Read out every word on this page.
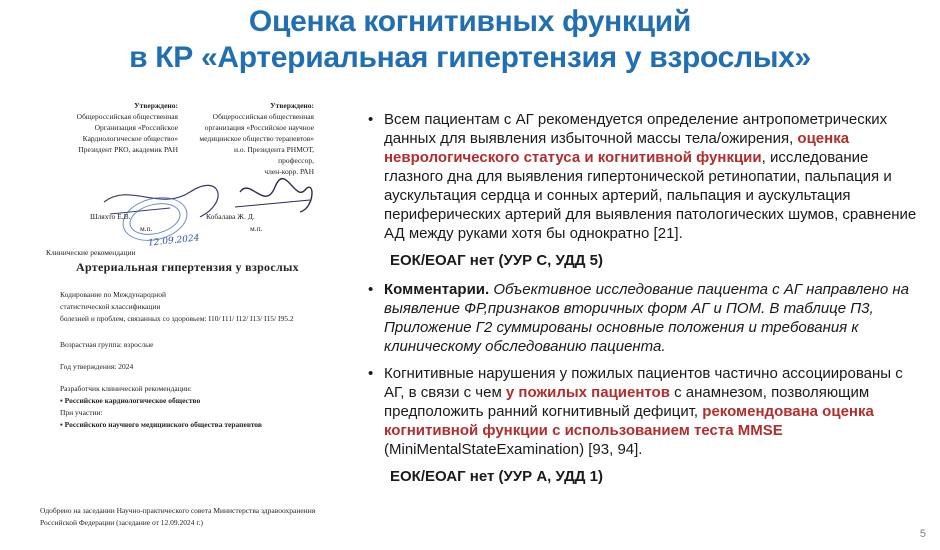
Оценка когнитивных функций
в КР «Артериальная гипертензия у взрослых»
Утверждено:
Общероссийская общественная
Организация «Российское
Кардиологическое общество»
Президент РКО, академик РАН
Утверждено:
Общероссийская общественная
организация «Российское научное
медицинское общество терапевтов»
и.о. Президента РНМОТ,
профессор,
член-корр. РАН
Шляхто Е.В.	Кобалава Ж. Д.
м.п.	м.п.
12.09.2024
Клинические рекомендации
Артериальная гипертензия у взрослых
Кодирование по Международной
статистической классификации
болезней и проблем, связанных со здоровьем: I10/ I11/ I12/ I13/ I15/ I95.2
Возрастная группа: взрослые
Год утверждения: 2024
Разработчик клинической рекомендации:
▪ Российское кардиологическое общество
При участии:
▪ Российского научного медицинского общества терапевтов
Одобрено на заседании Научно-практического совета Министерства здравоохранения
Российской Федерации (заседание от 12.09.2024 г.)
• Всем пациентам с АГ рекомендуется определение антропометрических данных для выявления избыточной массы тела/ожирения, оценка неврологического статуса и когнитивной функции, исследование глазного дна для выявления гипертонической ретинопатии, пальпация и аускультация сердца и сонных артерий, пальпация и аускультация периферических артерий для выявления патологических шумов, сравнение АД между руками хотя бы однократно [21].
ЕОК/ЕОАГ нет (УУР С, УДД 5)
• Комментарии. Объективное исследование пациента с АГ направлено на выявление ФР,признаков вторичных форм АГ и ПОМ. В таблице П3, Приложение Г2 суммированы основные положения и требования к клиническому обследованию пациента.
• Когнитивные нарушения у пожилых пациентов частично ассоциированы с АГ, в связи с чем у пожилых пациентов с анамнезом, позволяющим предположить ранний когнитивный дефицит, рекомендована оценка когнитивной функции с использованием теста MMSE (MiniMentalStateExamination) [93, 94].
ЕОК/ЕОАГ нет (УУР А, УДД 1)
5
